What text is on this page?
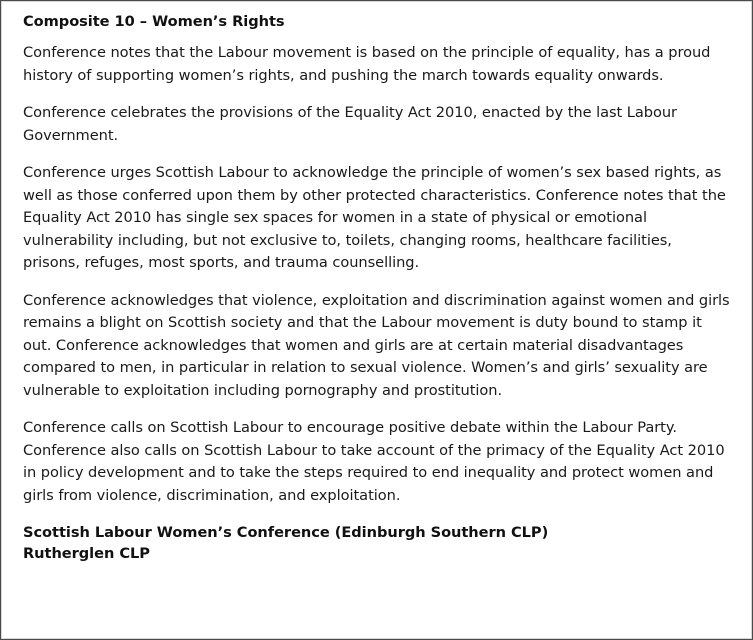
Composite 10 – Women’s Rights
Conference notes that the Labour movement is based on the principle of equality, has a proud history of supporting women’s rights, and pushing the march towards equality onwards.
Conference celebrates the provisions of the Equality Act 2010, enacted by the last Labour Government.
Conference urges Scottish Labour to acknowledge the principle of women’s sex based rights, as well as those conferred upon them by other protected characteristics. Conference notes that the Equality Act 2010 has single sex spaces for women in a state of physical or emotional vulnerability including, but not exclusive to, toilets, changing rooms, healthcare facilities, prisons, refuges, most sports, and trauma counselling.
Conference acknowledges that violence, exploitation and discrimination against women and girls remains a blight on Scottish society and that the Labour movement is duty bound to stamp it out. Conference acknowledges that women and girls are at certain material disadvantages compared to men, in particular in relation to sexual violence. Women’s and girls’ sexuality are vulnerable to exploitation including pornography and prostitution.
Conference calls on Scottish Labour to encourage positive debate within the Labour Party. Conference also calls on Scottish Labour to take account of the primacy of the Equality Act 2010 in policy development and to take the steps required to end inequality and protect women and girls from violence, discrimination, and exploitation.
Scottish Labour Women’s Conference (Edinburgh Southern CLP)
Rutherglen CLP
